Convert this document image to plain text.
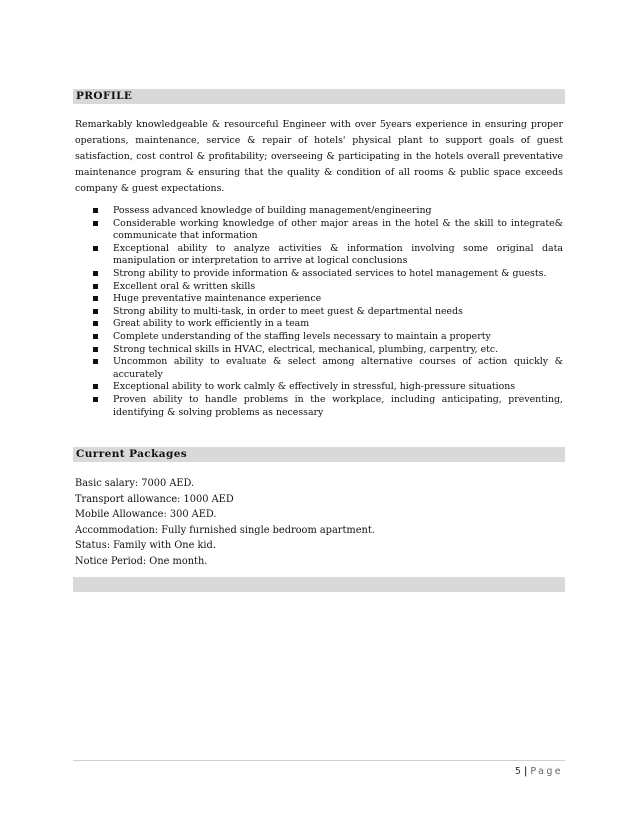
PROFILE

Remarkably knowledgeable & resourceful Engineer with over 5years experience in ensuring proper operations, maintenance, service & repair of hotels' physical plant to support goals of guest satisfaction, cost control & profitability; overseeing & participating in the hotels overall preventative maintenance program & ensuring that the quality & condition of all rooms & public space exceeds company & guest expectations.

Possess advanced knowledge of building management/engineering
Considerable working knowledge of other major areas in the hotel & the skill to integrate& communicate that information
Exceptional ability to analyze activities & information involving some original data manipulation or interpretation to arrive at logical conclusions
Strong ability to provide information & associated services to hotel management & guests.
Excellent oral & written skills
Huge preventative maintenance experience
Strong ability to multi-task, in order to meet guest & departmental needs
Great ability to work efficiently in a team
Complete understanding of the staffing levels necessary to maintain a property
Strong technical skills in HVAC, electrical, mechanical, plumbing, carpentry, etc.
Uncommon ability to evaluate & select among alternative courses of action quickly & accurately
Exceptional ability to work calmly & effectively in stressful, high-pressure situations
Proven ability to handle problems in the workplace, including anticipating, preventing, identifying & solving problems as necessary
Current Packages
Basic salary: 7000 AED.
Transport allowance: 1000 AED
Mobile Allowance: 300 AED.
Accommodation: Fully furnished single bedroom apartment.
Status: Family with One kid.
Notice Period: One month.
5 | Page
